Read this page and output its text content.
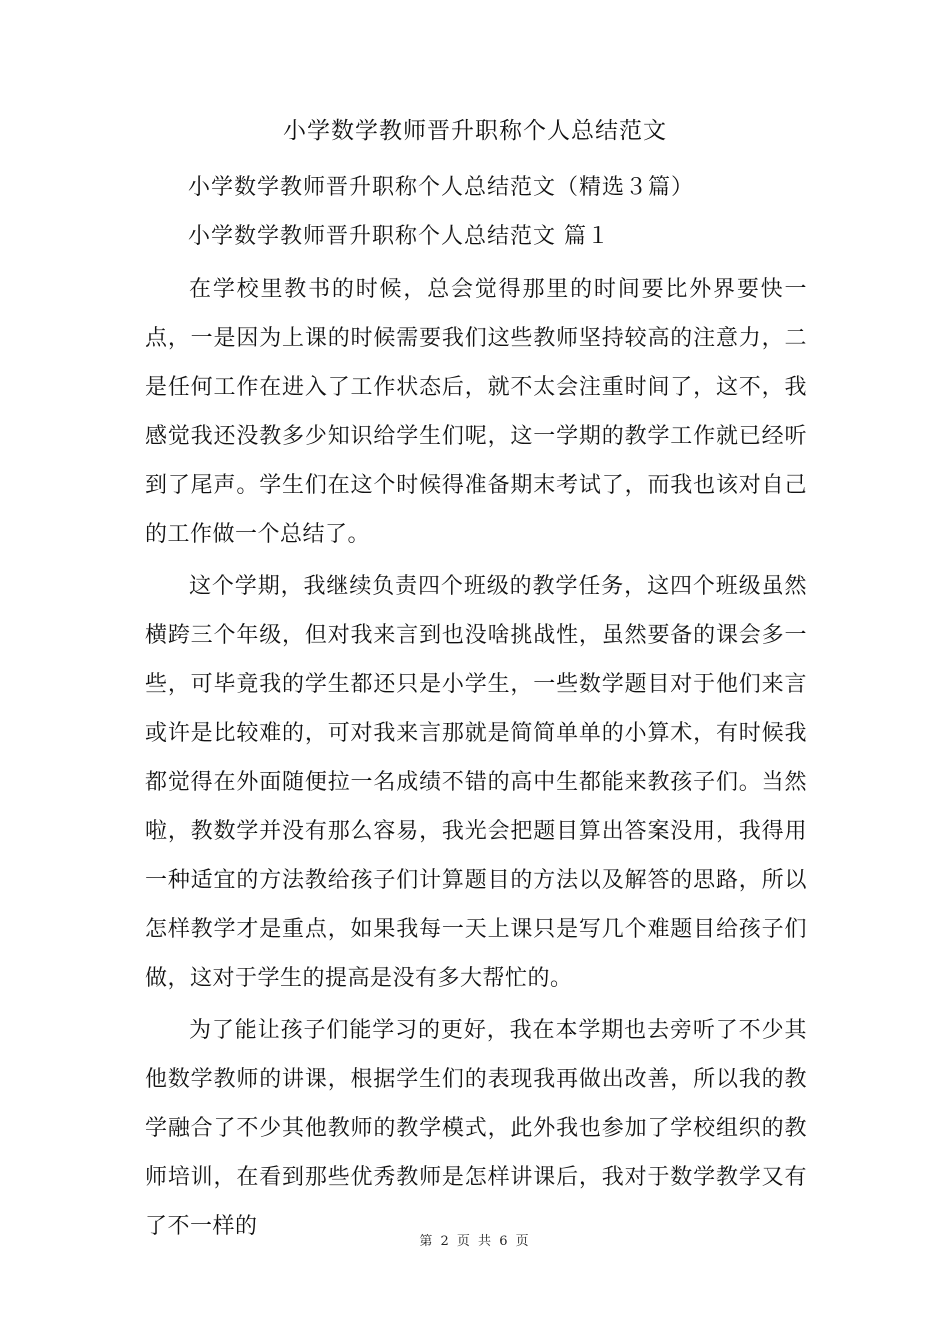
小学数学教师晋升职称个人总结范文
小学数学教师晋升职称个人总结范文（精选３篇）
小学数学教师晋升职称个人总结范文 篇１

在学校里教书的时候，总会觉得那里的时间要比外界要快一点，一是因为上课的时候需要我们这些教师坚持较高的注意力，二是任何工作在进入了工作状态后，就不太会注重时间了，这不，我感觉我还没教多少知识给学生们呢，这一学期的教学工作就已经听到了尾声。学生们在这个时候得准备期末考试了，而我也该对自己的工作做一个总结了。

这个学期，我继续负责四个班级的教学任务，这四个班级虽然横跨三个年级，但对我来言到也没啥挑战性，虽然要备的课会多一些，可毕竟我的学生都还只是小学生，一些数学题目对于他们来言或许是比较难的，可对我来言那就是简简单单的小算术，有时候我都觉得在外面随便拉一名成绩不错的高中生都能来教孩子们。当然啦，教数学并没有那么容易，我光会把题目算出答案没用，我得用一种适宜的方法教给孩子们计算题目的方法以及解答的思路，所以怎样教学才是重点，如果我每一天上课只是写几个难题目给孩子们做，这对于学生的提高是没有多大帮忙的。

为了能让孩子们能学习的更好，我在本学期也去旁听了不少其他数学教师的讲课，根据学生们的表现我再做出改善，所以我的教学融合了不少其他教师的教学模式，此外我也参加了学校组织的教师培训，在看到那些优秀教师是怎样讲课后，我对于数学教学又有了不一样的

第 2 页 共 6 页
